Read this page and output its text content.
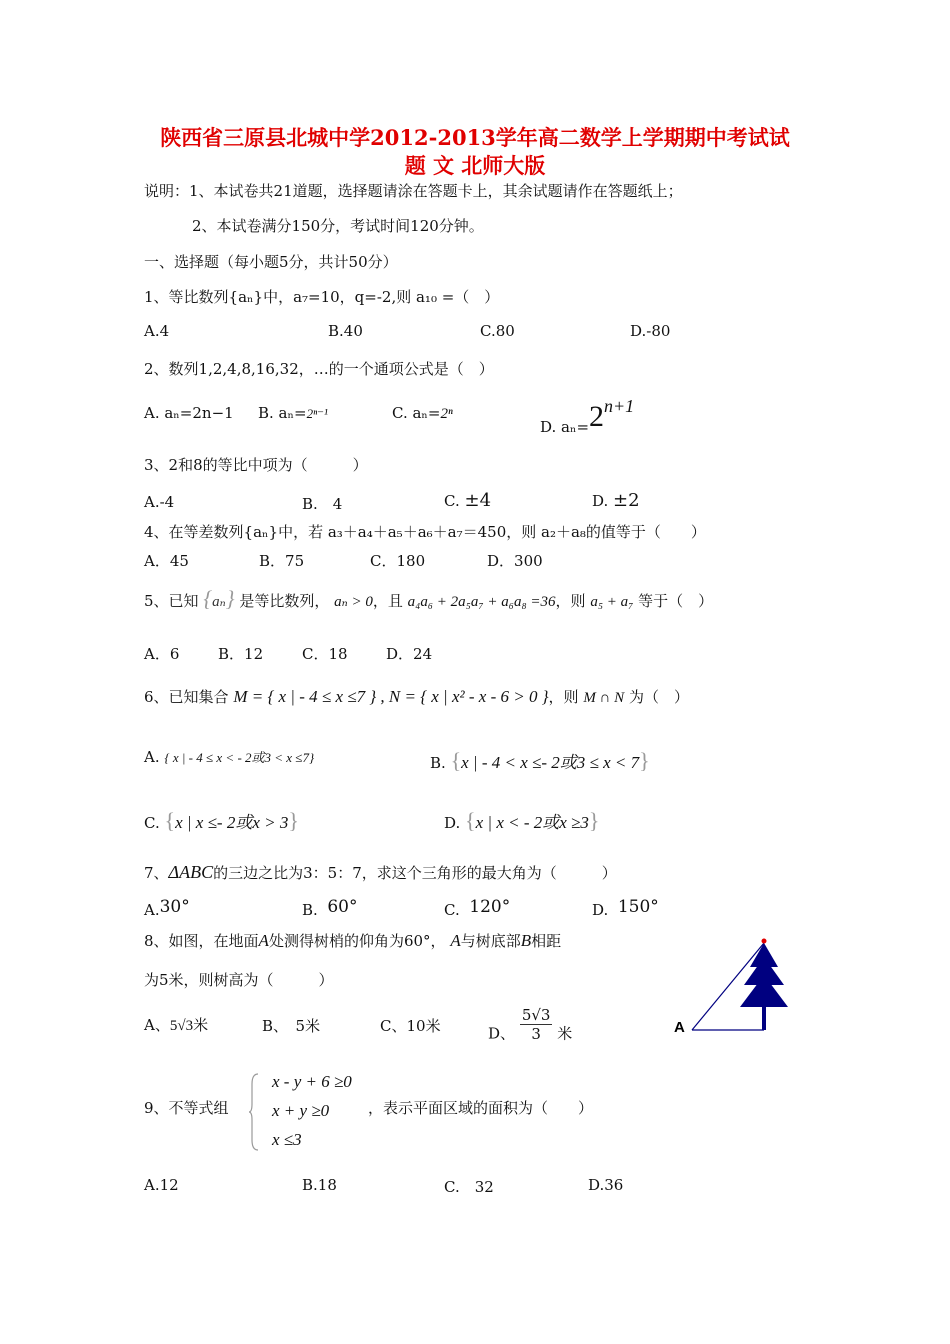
陕西省三原县北城中学2012-2013学年高二数学上学期期中考试试
题 文 北师大版
说明：1、本试卷共21道题，选择题请涂在答题卡上，其余试题请作在答题纸上；
2、本试卷满分150分，考试时间120分钟。
一、选择题（每小题5分，共计50分）
1、等比数列{aₙ}中，a₇=10，q=-2,则 a₁₀ =（　）
A.4	B.40	C.80	D.-80
2、数列1,2,4,8,16,32，…的一个通项公式是（　）
A. aₙ=2n−1 B. aₙ=2ⁿ⁻¹	C. aₙ=2ⁿ
D. aₙ=2n+1
3、2和8的等比中项为（　　　）
A.-4	B.　4	C. ±4	D. ±2
4、在等差数列{aₙ}中，若 a₃＋a₄＋a₅＋a₆＋a₇＝450，则 a₂＋a₈的值等于（　　）
A．45	B．75	C．180	D．300
5、已知 {aₙ} 是等比数列， aₙ > 0，且 a₄a₆ + 2a₅a₇ + a₆a₈ =36，则 a₅ + a₇ 等于（　）
A．6	B．12	C．18	D．24
6、已知集合 M = { x | - 4 ≤ x ≤7 } , N = { x | x² - x - 6 > 0 }，则 M ∩ N 为（　）
A. { x | - 4 ≤ x < - 2或3 < x ≤7}	B. {x | - 4 < x ≤- 2或3 ≤ x < 7}
C. {x | x ≤- 2或x > 3}	D. {x | x < - 2或x ≥3}
7、ΔABC的三边之比为3：5：7，求这个三角形的最大角为（　　　）
A.30°	B. 60°	C. 120°	D. 150°
8、如图，在地面A处测得树梢的仰角为60°， A与树底部B相距
为5米，则树高为（　　　）
A、5√3米	B、　5米	C、10米	D、 $\frac{5√3}{3}$ 米	A
9、不等式组
x - y + 6 ≥0
x + y ≥0
x ≤3
，表示平面区域的面积为（　　）
A.12	B.18	C.　32	D.36
